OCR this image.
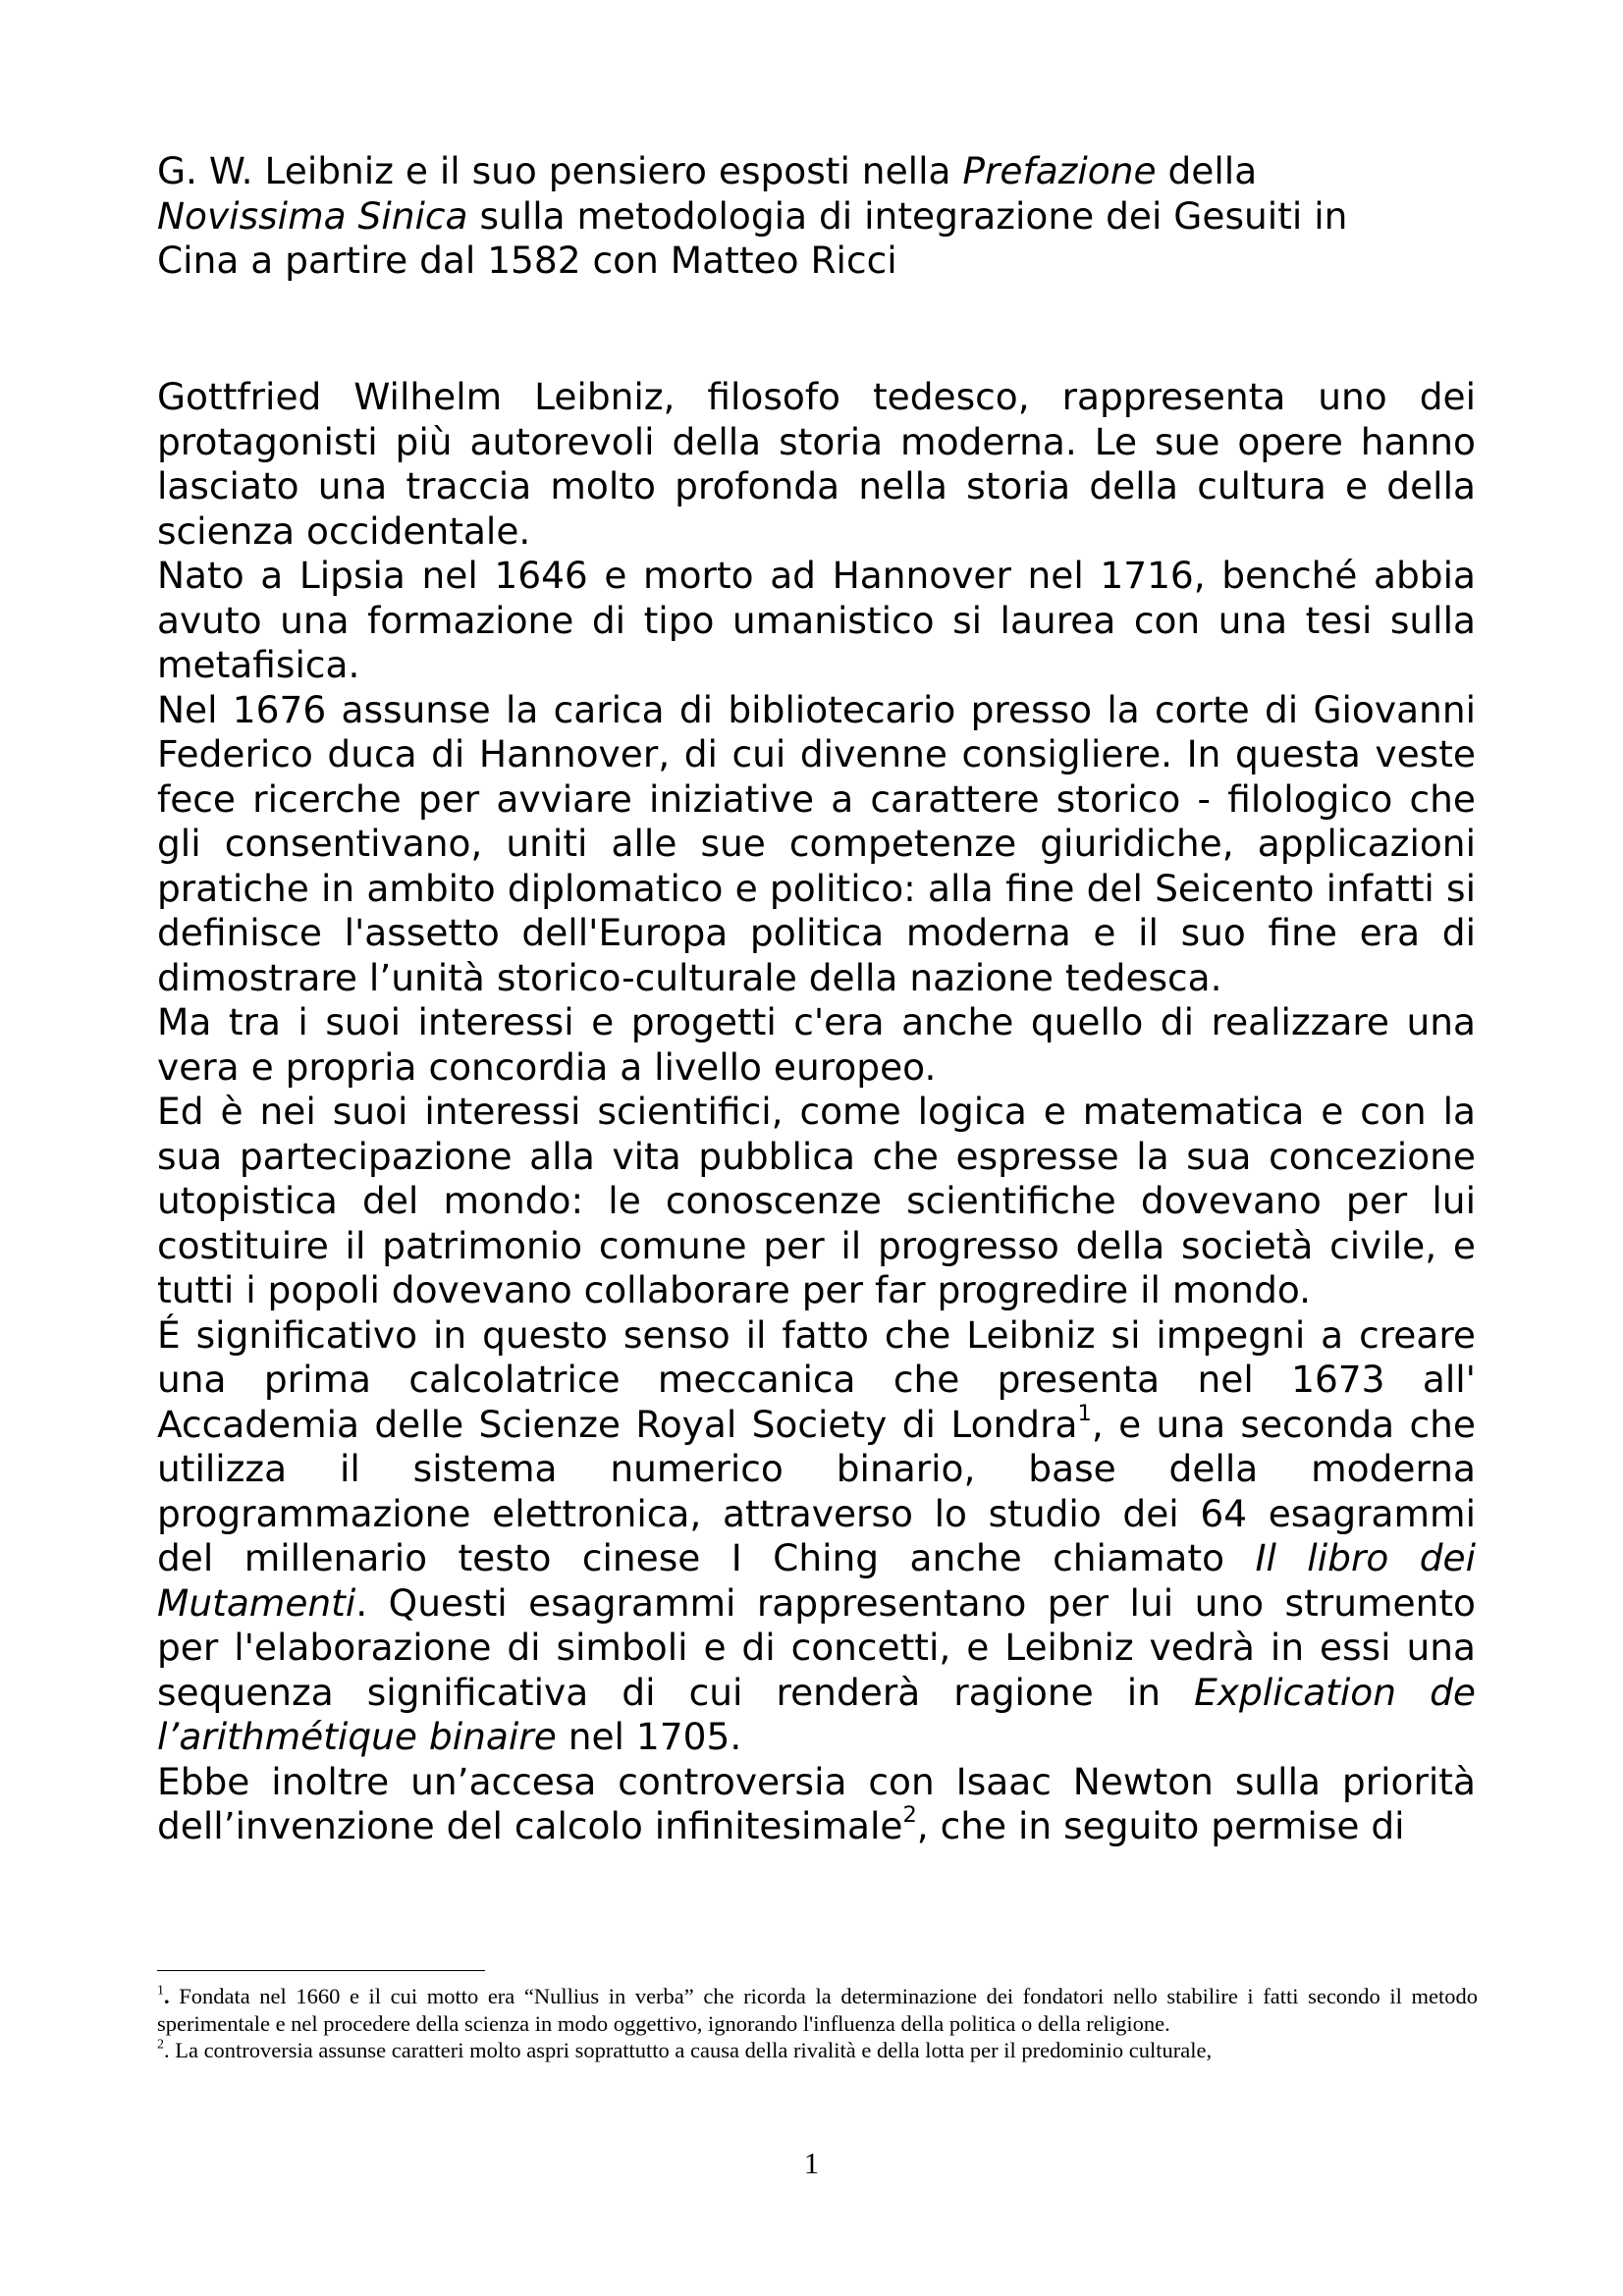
G. W. Leibniz e il suo pensiero esposti nella Prefazione della
Novissima Sinica sulla metodologia di integrazione dei Gesuiti in
Cina a partire dal 1582 con Matteo Ricci

Gottfried Wilhelm Leibniz, filosofo tedesco, rappresenta uno dei protagonisti più autorevoli della storia moderna. Le sue opere hanno lasciato una traccia molto profonda nella storia della cultura e della scienza occidentale.

Nato a Lipsia nel 1646 e morto ad Hannover nel 1716, benché abbia avuto una formazione di tipo umanistico si laurea con una tesi sulla metafisica.

Nel 1676 assunse la carica di bibliotecario presso la corte di Giovanni Federico duca di Hannover, di cui divenne consigliere. In questa veste fece ricerche per avviare iniziative a carattere storico - filologico che gli consentivano, uniti alle sue competenze giuridiche, applicazioni pratiche in ambito diplomatico e politico: alla fine del Seicento infatti si definisce l'assetto dell'Europa politica moderna e il suo fine era di dimostrare l’unità storico-culturale della nazione tedesca.

Ma tra i suoi interessi e progetti c'era anche quello di realizzare una vera e propria concordia a livello europeo.

Ed è nei suoi interessi scientifici, come logica e matematica e con la sua partecipazione alla vita pubblica che espresse la sua concezione utopistica del mondo: le conoscenze scientifiche dovevano per lui costituire il patrimonio comune per il progresso della società civile, e tutti i popoli dovevano collaborare per far progredire il mondo.

É significativo in questo senso il fatto che Leibniz si impegni a creare una prima calcolatrice meccanica che presenta nel 1673 all' Accademia delle Scienze Royal Society di Londra$^1$, e una seconda che utilizza il sistema numerico binario, base della moderna programmazione elettronica, attraverso lo studio dei 64 esagrammi del millenario testo cinese I Ching anche chiamato Il libro dei Mutamenti. Questi esagrammi rappresentano per lui uno strumento per l'elaborazione di simboli e di concetti, e Leibniz vedrà in essi una sequenza significativa di cui renderà ragione in Explication de l’arithmétique binaire nel 1705.

Ebbe inoltre un’accesa controversia con Isaac Newton sulla priorità dell’invenzione del calcolo infinitesimale$^2$, che in seguito permise di

$^1$. Fondata nel 1660 e il cui motto era “Nullius in verba” che ricorda la determinazione dei fondatori nello stabilire i fatti secondo il metodo sperimentale e nel procedere della scienza in modo oggettivo, ignorando l'influenza della politica o della religione.

$^2$. La controversia assunse caratteri molto aspri soprattutto a causa della rivalità e della lotta per il predominio culturale,

1
